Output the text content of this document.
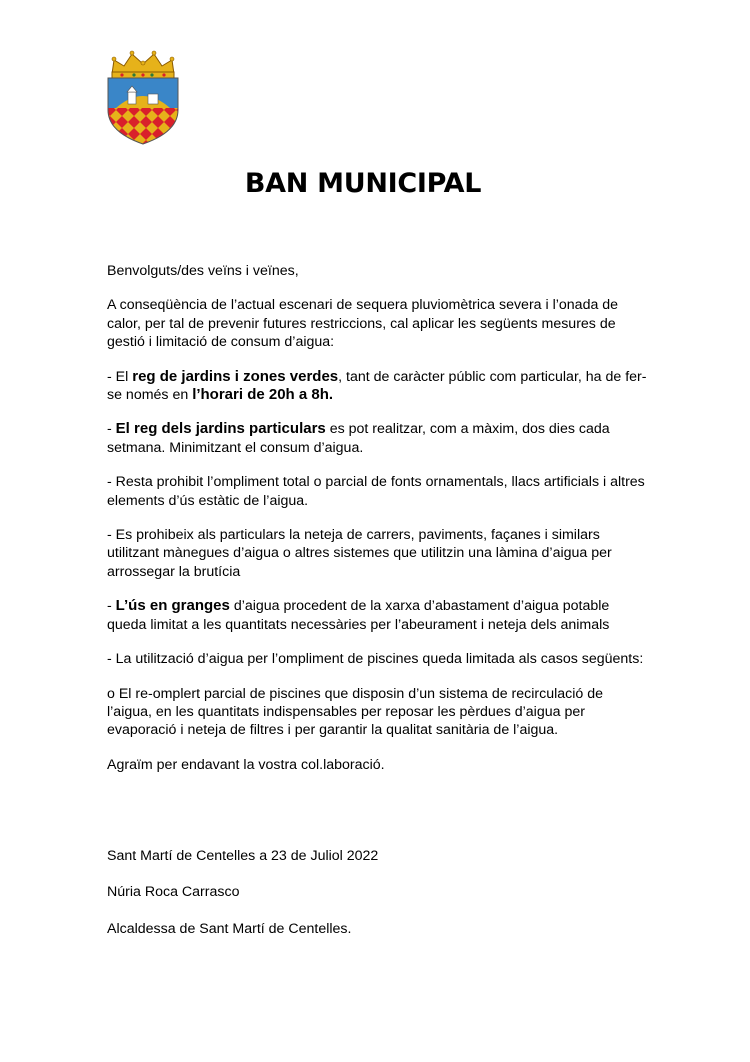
BAN MUNICIPAL

Benvolguts/des veïns i veïnes,

A conseqüència de l’actual escenari de sequera pluviomètrica severa i l’onada de calor, per tal de prevenir futures restriccions, cal aplicar les següents mesures de gestió i limitació de consum d’aigua:

- El reg de jardins i zones verdes, tant de caràcter públic com particular, ha de fer-se només en l’horari de 20h a 8h.

- El reg dels jardins particulars es pot realitzar, com a màxim, dos dies cada setmana. Minimitzant el consum d’aigua.

- Resta prohibit l’ompliment total o parcial de fonts ornamentals, llacs artificials i altres elements d’ús estàtic de l’aigua.

- Es prohibeix als particulars la neteja de carrers, paviments, façanes i similars utilitzant mànegues d’aigua o altres sistemes que utilitzin una làmina d’aigua per arrossegar la brutícia

- L’ús en granges d’aigua procedent de la xarxa d’abastament d’aigua potable queda limitat a les quantitats necessàries per l’abeurament i neteja dels animals

- La utilització d’aigua per l’ompliment de piscines queda limitada als casos següents:

o El re-omplert parcial de piscines que disposin d’un sistema de recirculació de l’aigua, en les quantitats indispensables per reposar les pèrdues d’aigua per evaporació i neteja de filtres i per garantir la qualitat sanitària de l’aigua.

Agraïm per endavant la vostra col.laboració.

Sant Martí de Centelles a 23 de Juliol 2022

Núria Roca Carrasco

Alcaldessa de Sant Martí de Centelles.
